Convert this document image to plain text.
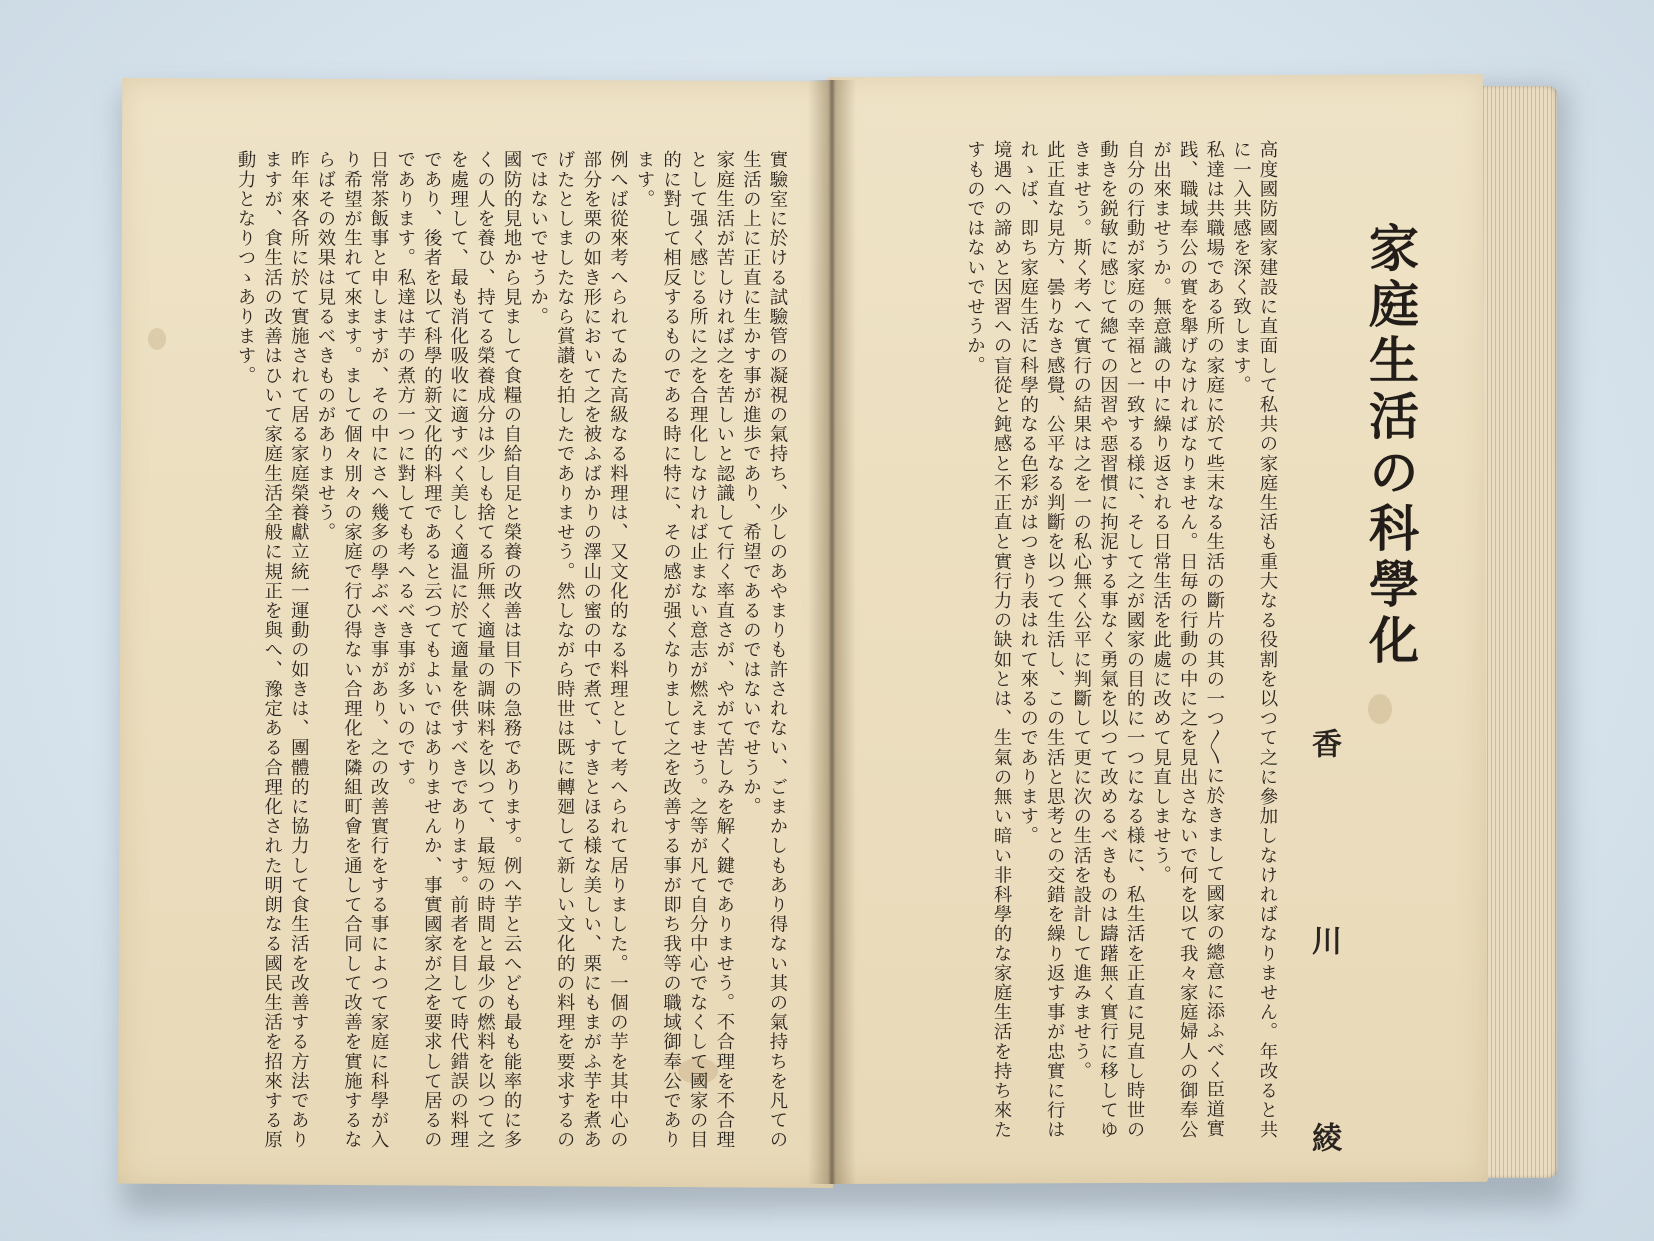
實驗室に於ける試驗管の凝視の氣持ち、少しのあやまりも許されない、ごまかしもあり得ない其の氣持ちを凡ての生活の上に正直に生かす事が進歩であり、希望であるのではないでせうか。
家庭生活が苦しければ之を苦しいと認識して行く率直さが、やがて苦しみを解く鍵でありませう。不合理を不合理として强く感じる所に之を合理化しなければ止まない意志が燃えませう。之等が凡て自分中心でなくして國家の目的に對して相反するものである時に特に、その感が强くなりまして之を改善する事が即ち我等の職域御奉公であります。
例へば從來考へられてゐた高級なる料理は、又文化的なる料理として考へられて居りました。一個の芋を其中心の部分を栗の如き形において之を被ふばかりの澤山の蜜の中で煮て、すきとほる様な美しい、栗にもまがふ芋を煮あげたとしましたなら賞讃を拍したでありませう。然しながら時世は既に轉廻して新しい文化的の料理を要求するのではないでせうか。
國防的見地から見まして食糧の自給自足と榮養の改善は目下の急務であります。例へ芋と云へども最も能率的に多くの人を養ひ、持てる榮養成分は少しも捨てる所無く適量の調味料を以つて、最短の時間と最少の燃料を以つて之を處理して、最も消化吸收に適すべく美しく適温に於て適量を供すべきであります。前者を目して時代錯誤の料理であり、後者を以て科學的新文化的料理であると云つてもよいではありませんか、事實國家が之を要求して居るのであります。私達は芋の煮方一つに對しても考へるべき事が多いのです。
日常茶飯事と申しますが、その中にさへ幾多の學ぶべき事があり、之の改善實行をする事によつて家庭に科學が入り希望が生れて來ます。まして個々別々の家庭で行ひ得ない合理化を隣組町會を通して合同して改善を實施するならばその效果は見るべきものがありませう。
昨年來各所に於て實施されて居る家庭榮養獻立統一運動の如きは、團體的に協力して食生活を改善する方法でありますが、食生活の改善はひいて家庭生活全般に規正を與へ、豫定ある合理化された明朗なる國民生活を招來する原動力となりつゝあります。	高度國防國家建設に直面して私共の家庭生活も重大なる役割を以つて之に參加しなければなりません。年改ると共に一入共感を深く致します。
私達は共職場である所の家庭に於て些末なる生活の斷片の其の一つ〳〵に於きまして國家の總意に添ふべく臣道實践、職域奉公の實を舉げなければなりません。日毎の行動の中に之を見出さないで何を以て我々家庭婦人の御奉公が出來ませうか。無意識の中に繰り返される日常生活を此處に改めて見直しませう。
自分の行動が家庭の幸福と一致する様に、そして之が國家の目的に一つになる様に、私生活を正直に見直し時世の動きを鋭敏に感じて總ての因習や惡習慣に拘泥する事なく勇氣を以つて改めるべきものは躊躇無く實行に移してゆきませう。斯く考へて實行の結果は之を一の私心無く公平に判斷して更に次の生活を設計して進みませう。
此正直な見方、曇りなき感覺、公平なる判斷を以つて生活し、この生活と思考との交錯を繰り返す事が忠實に行はれゝば、即ち家庭生活に科學的なる色彩がはつきり表はれて來るのであります。
境遇への諦めと因習への盲從と鈍感と不正直と實行力の缺如とは、生氣の無い暗い非科學的な家庭生活を持ち來たすものではないでせうか。	家庭生活の科學化
香 川 綾
